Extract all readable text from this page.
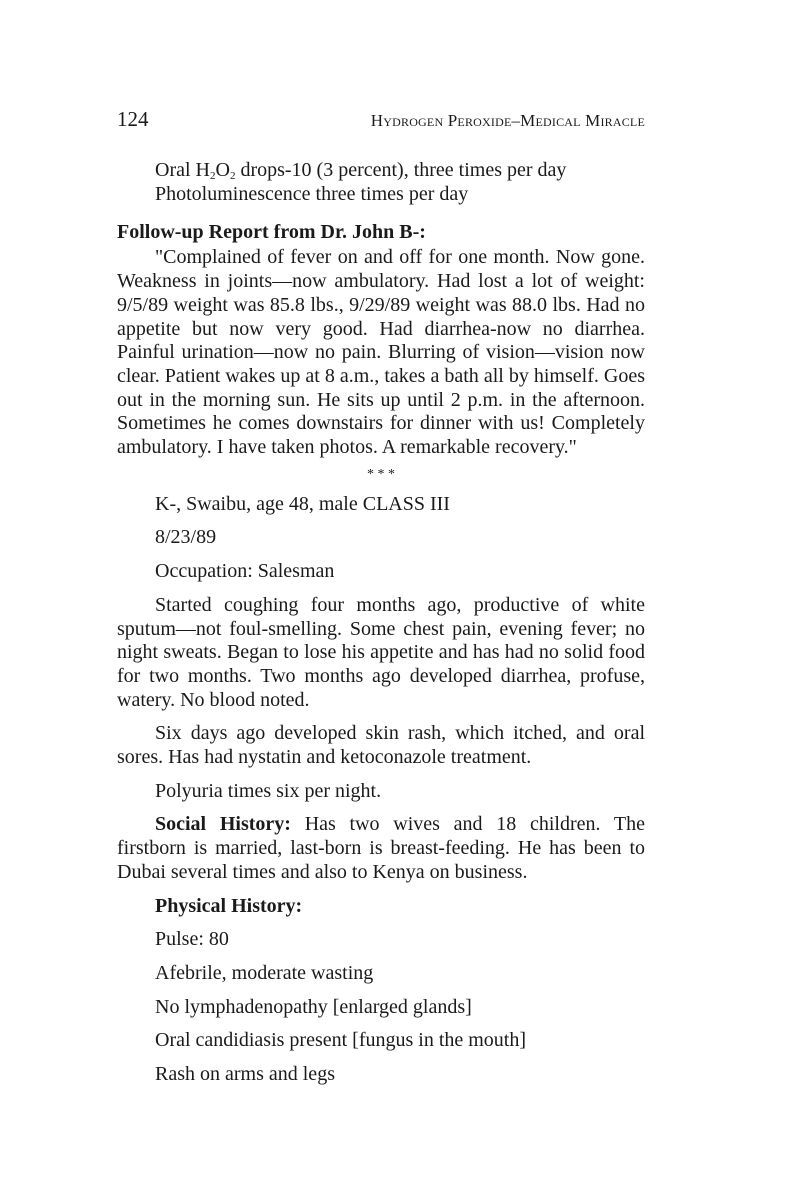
124	Hydrogen Peroxide–Medical Miracle
Oral $H_2O_2$ drops-10 (3 percent), three times per day
Photoluminescence three times per day
Follow-up Report from Dr. John B-:

"Complained of fever on and off for one month. Now gone. Weakness in joints—now ambulatory. Had lost a lot of weight: 9/5/89 weight was 85.8 lbs., 9/29/89 weight was 88.0 lbs. Had no appetite but now very good. Had diarrhea-now no diarrhea. Painful urination—now no pain. Blurring of vision—vision now clear. Patient wakes up at 8 a.m., takes a bath all by himself. Goes out in the morning sun. He sits up until 2 p.m. in the afternoon. Sometimes he comes downstairs for dinner with us! Completely ambulatory. I have taken photos. A remarkable recovery."

* * *
K-, Swaibu, age 48, male CLASS III
8/23/89
Occupation: Salesman

Started coughing four months ago, productive of white sputum—not foul-smelling. Some chest pain, evening fever; no night sweats. Began to lose his appetite and has had no solid food for two months. Two months ago developed diarrhea, profuse, watery. No blood noted.

Six days ago developed skin rash, which itched, and oral sores. Has had nystatin and ketoconazole treatment.

Polyuria times six per night.

Social History: Has two wives and 18 children. The firstborn is married, last-born is breast-feeding. He has been to Dubai several times and also to Kenya on business.

Physical History:
Pulse: 80
Afebrile, moderate wasting
No lymphadenopathy [enlarged glands]
Oral candidiasis present [fungus in the mouth]
Rash on arms and legs
